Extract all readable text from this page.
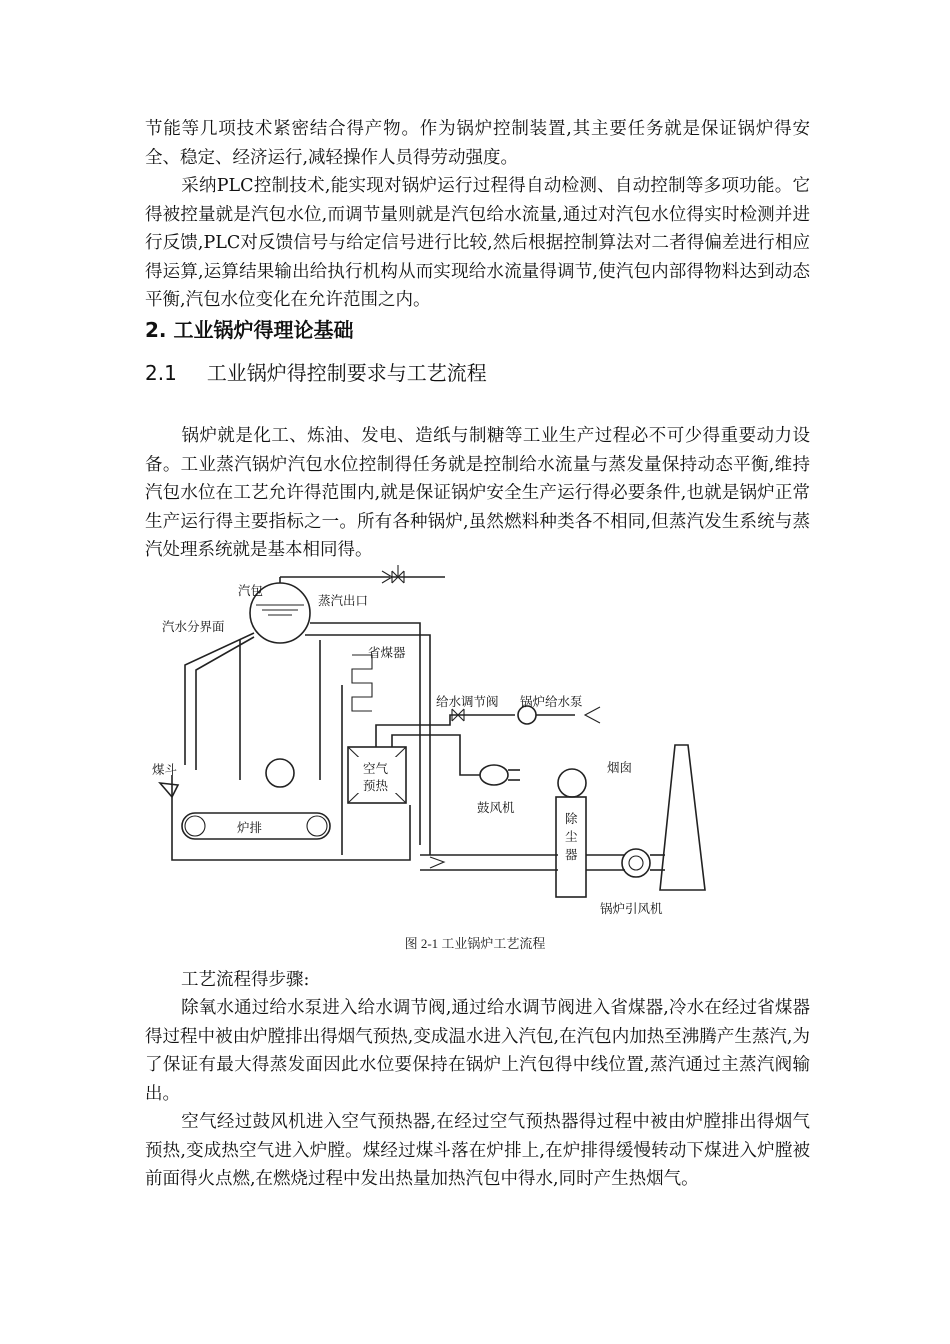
节能等几项技术紧密结合得产物。作为锅炉控制装置,其主要任务就是保证锅炉得安全、稳定、经济运行,减轻操作人员得劳动强度。

采纳PLC控制技术,能实现对锅炉运行过程得自动检测、自动控制等多项功能。它得被控量就是汽包水位,而调节量则就是汽包给水流量,通过对汽包水位得实时检测并进行反馈,PLC对反馈信号与给定信号进行比较,然后根据控制算法对二者得偏差进行相应得运算,运算结果输出给执行机构从而实现给水流量得调节,使汽包内部得物料达到动态平衡,汽包水位变化在允许范围之内。

2. 工业锅炉得理论基础
2.1 工业锅炉得控制要求与工艺流程

锅炉就是化工、炼油、发电、造纸与制糖等工业生产过程必不可少得重要动力设备。工业蒸汽锅炉汽包水位控制得任务就是控制给水流量与蒸发量保持动态平衡,维持汽包水位在工艺允许得范围内,就是保证锅炉安全生产运行得必要条件,也就是锅炉正常生产运行得主要指标之一。所有各种锅炉,虽然燃料种类各不相同,但蒸汽发生系统与蒸汽处理系统就是基本相同得。

汽包
蒸汽出口
汽水分界面
省煤器
给水调节阀 锅炉给水泵
煤斗	空气
预热
烟囱
鼓风机
炉排
除
尘
器
锅炉引风机
图 2-1 工业锅炉工艺流程

工艺流程得步骤:

除氧水通过给水泵进入给水调节阀,通过给水调节阀进入省煤器,冷水在经过省煤器得过程中被由炉膛排出得烟气预热,变成温水进入汽包,在汽包内加热至沸腾产生蒸汽,为了保证有最大得蒸发面因此水位要保持在锅炉上汽包得中线位置,蒸汽通过主蒸汽阀输出。

空气经过鼓风机进入空气预热器,在经过空气预热器得过程中被由炉膛排出得烟气预热,变成热空气进入炉膛。煤经过煤斗落在炉排上,在炉排得缓慢转动下煤进入炉膛被前面得火点燃,在燃烧过程中发出热量加热汽包中得水,同时产生热烟气。
